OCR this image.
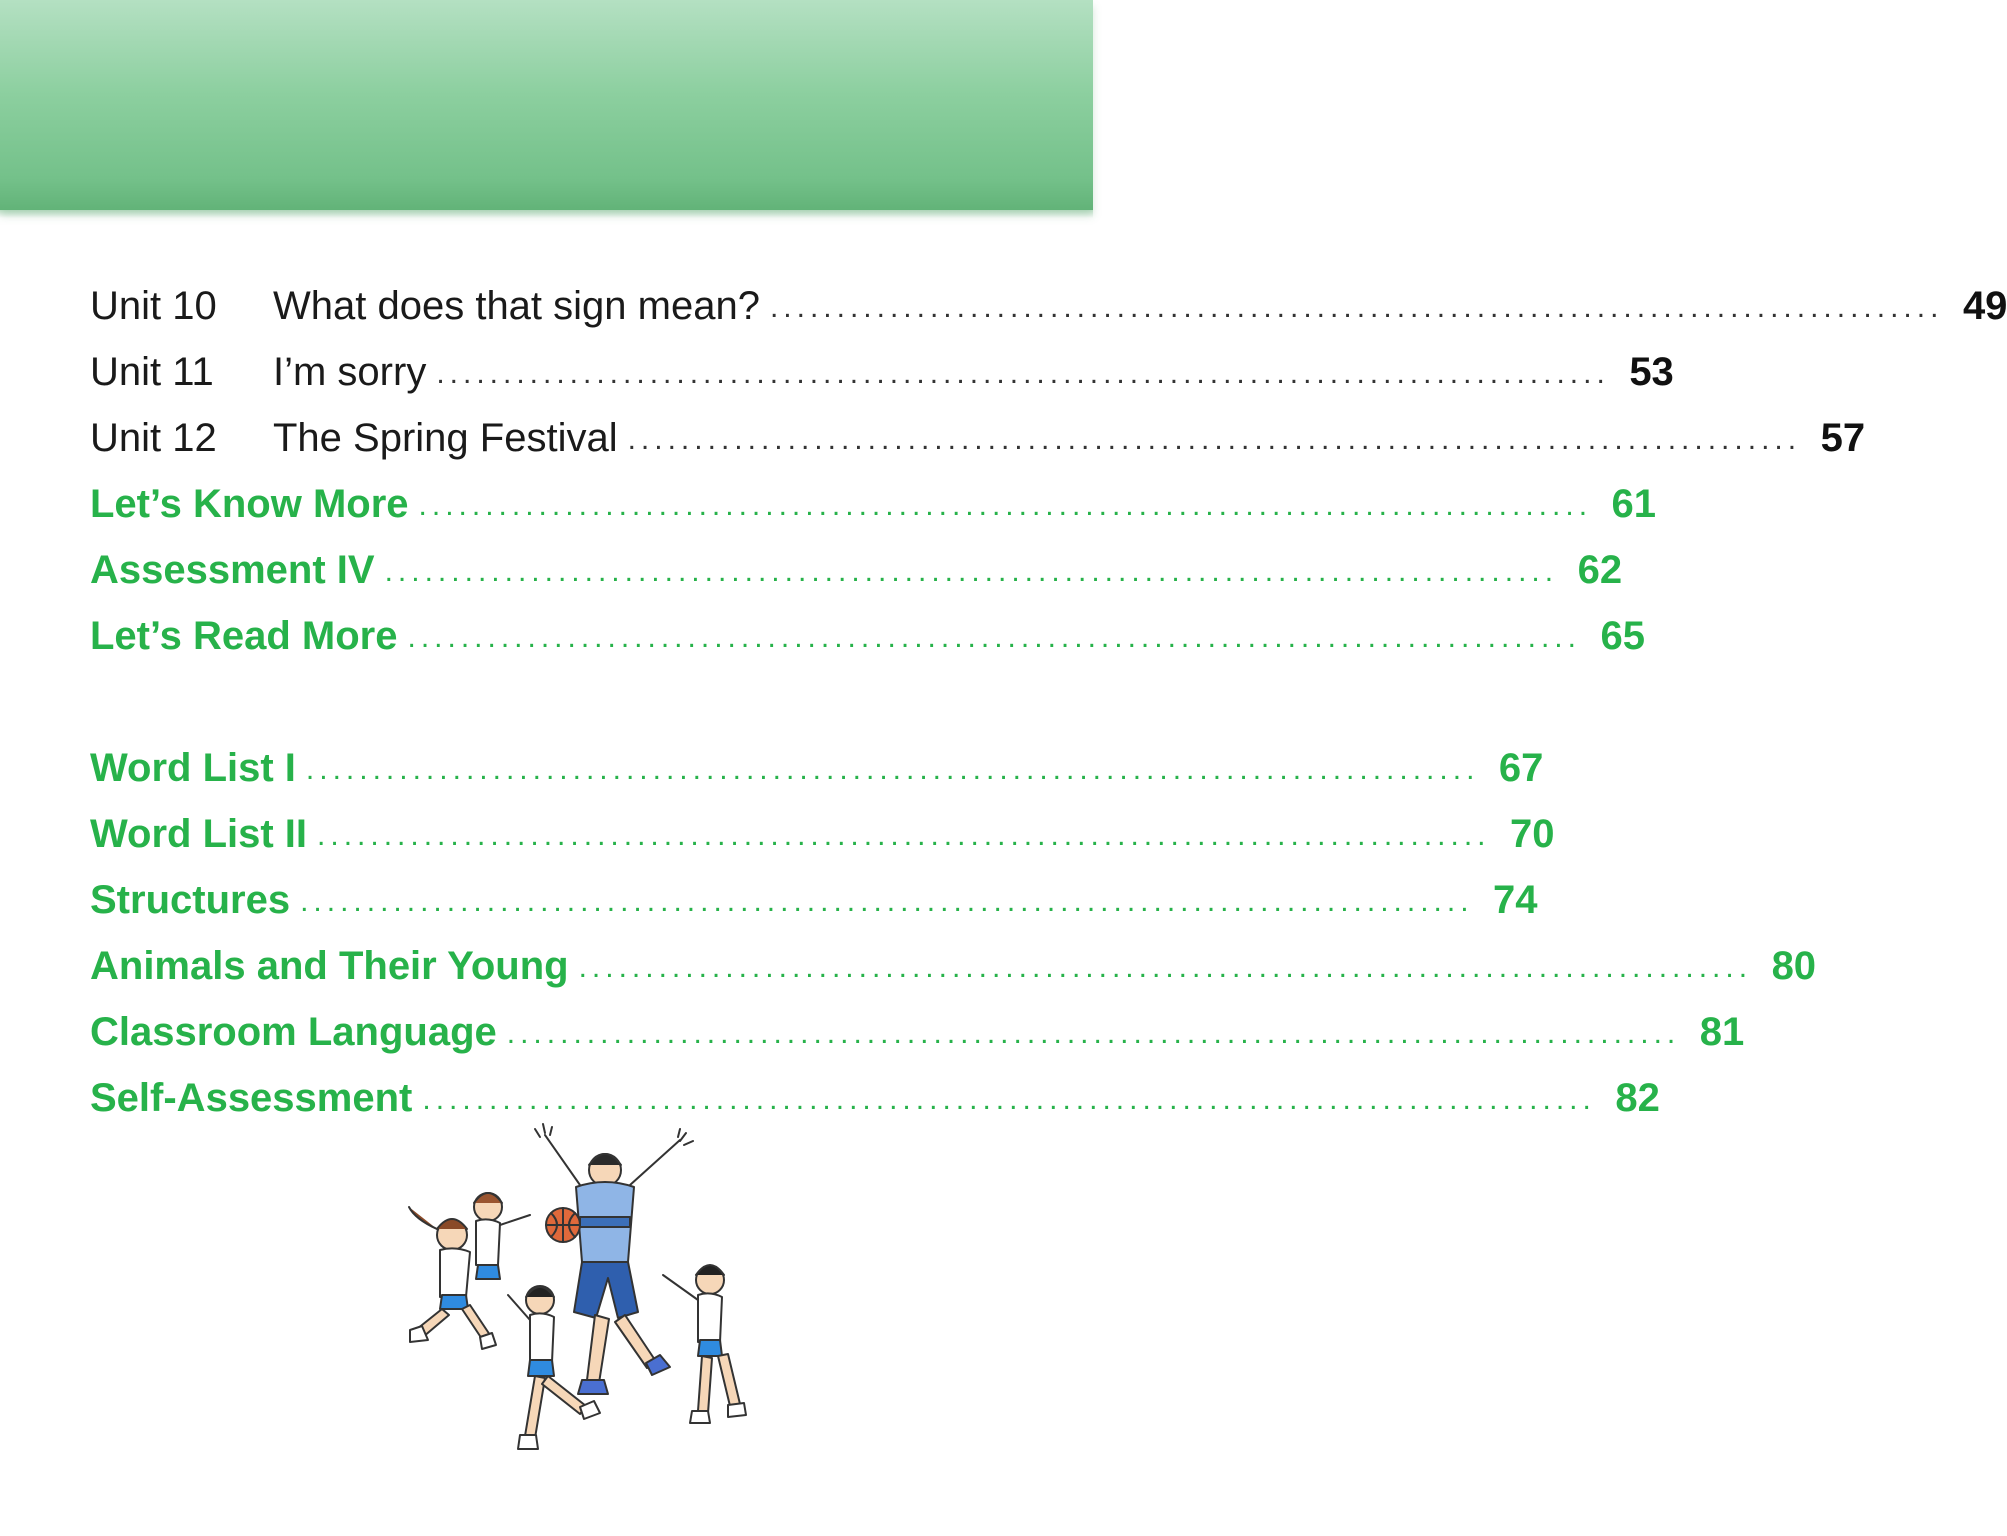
Unit 10	What does that sign mean? ........................................................................................ 49
Unit 11	I’m sorry ........................................................................................ 53
Unit 12	The Spring Festival ........................................................................................ 57
Let’s Know More ........................................................................................ 61
Assessment IV ........................................................................................ 62
Let’s Read More ........................................................................................ 65
Word List I ........................................................................................ 67
Word List II ........................................................................................ 70
Structures ........................................................................................ 74
Animals and Their Young ........................................................................................ 80
Classroom Language ........................................................................................ 81
Self-Assessment ........................................................................................ 82
